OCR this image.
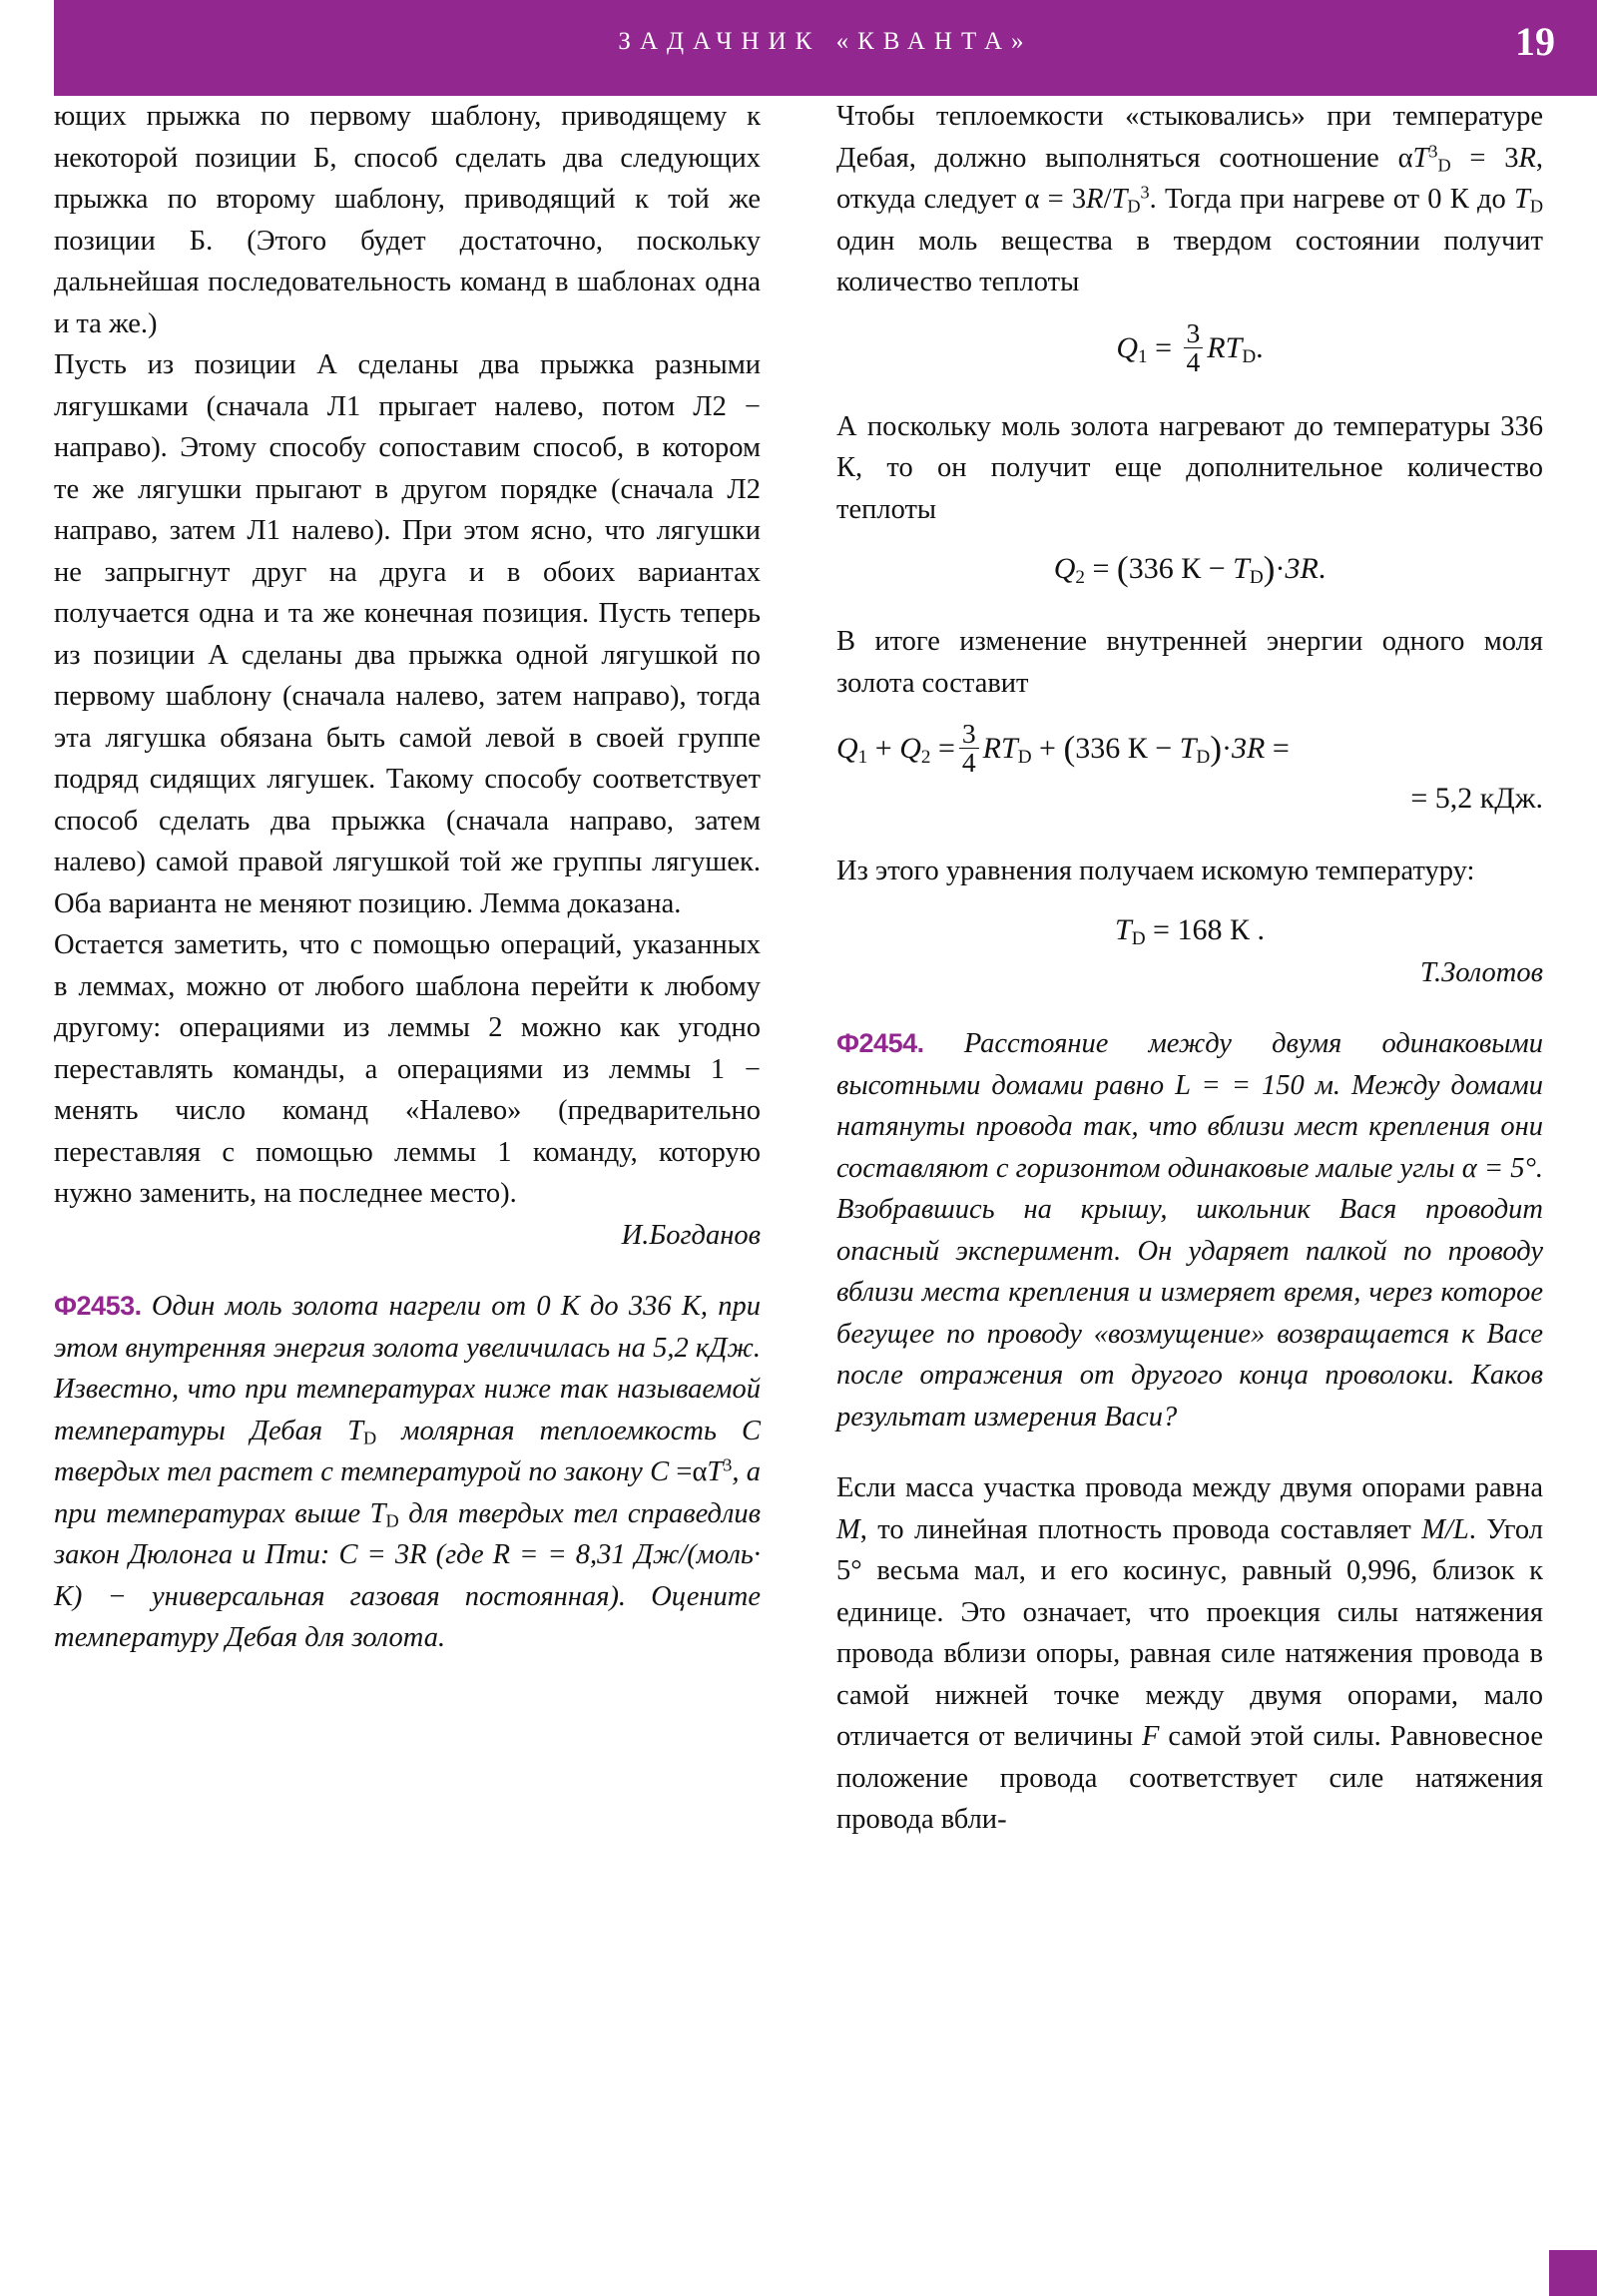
ЗАДАЧНИК «КВАНТА»	19

ющих прыжка по первому шаблону, приводящему к некоторой позиции Б, способ сделать два следующих прыжка по второму шаблону, приводящий к той же позиции Б. (Этого будет достаточно, поскольку дальнейшая последовательность команд в шаблонах одна и та же.)

Пусть из позиции А сделаны два прыжка разными лягушками (сначала Л1 прыгает налево, потом Л2 − направо). Этому способу сопоставим способ, в котором те же лягушки прыгают в другом порядке (сначала Л2 направо, затем Л1 налево). При этом ясно, что лягушки не запрыгнут друг на друга и в обоих вариантах получается одна и та же конечная позиция. Пусть теперь из позиции А сделаны два прыжка одной лягушкой по первому шаблону (сначала налево, затем направо), тогда эта лягушка обязана быть самой левой в своей группе подряд сидящих лягушек. Такому способу соответствует способ сделать два прыжка (сначала направо, затем налево) самой правой лягушкой той же группы лягушек. Оба варианта не меняют позицию. Лемма доказана.

Остается заметить, что с помощью операций, указанных в леммах, можно от любого шаблона перейти к любому другому: операциями из леммы 2 можно как угодно переставлять команды, а операциями из леммы 1 − менять число команд «Налево» (предварительно переставляя с помощью леммы 1 команду, которую нужно заменить, на последнее место).

И.Богданов

Ф2453. Один моль золота нагрели от 0 К до 336 К, при этом внутренняя энергия золота увеличилась на 5,2 кДж. Известно, что при температурах ниже так называемой температуры Дебая $T_D$ молярная теплоемкость C твердых тел растет с температурой по закону $C =\alpha T^3$, а при температурах выше $T_D$ для твердых тел справедлив закон Дюлонга и Пти: C = 3R (где R = = 8,31 Дж/(моль· К) − универсальная газовая постоянная). Оцените температуру Дебая для золота.

Чтобы теплоемкости «стыковались» при температуре Дебая, должно выполняться соотношение $\alpha T^3_D = 3R$, откуда следует $\alpha = 3R/T_D^3$. Тогда при нагреве от 0 К до $T_D$ один моль вещества в твердом состоянии получит количество теплоты

$Q_1 = \frac{3}{4} RT_D$.

А поскольку моль золота нагревают до температуры 336 К, то он получит еще дополнительное количество теплоты

$Q_2 = (336$ $К - T_D)\cdot 3R$.

В итоге изменение внутренней энергии одного моля золота составит

$Q_1 + Q_2 = \frac{3}{4} RT_D + (336$ $К - T_D)\cdot 3R$ =
= 5,2 кДж.

Из этого уравнения получаем искомую температуру:

$T_D = 168$ К .

Т.Золотов

Ф2454. Расстояние между двумя одинаковыми высотными домами равно L = = 150 м. Между домами натянуты провода так, что вблизи мест крепления они составляют с горизонтом одинаковые малые углы α = 5°. Взобравшись на крышу, школьник Вася проводит опасный эксперимент. Он ударяет палкой по проводу вблизи места крепления и измеряет время, через которое бегущее по проводу «возмущение» возвращается к Васе после отражения от другого конца проволоки. Каков результат измерения Васи?

Если масса участка провода между двумя опорами равна M, то линейная плотность провода составляет M/L. Угол 5° весьма мал, и его косинус, равный 0,996, близок к единице. Это означает, что проекция силы натяжения провода вблизи опоры, равная силе натяжения провода в самой нижней точке между двумя опорами, мало отличается от величины F самой этой силы. Равновесное положение провода соответствует силе натяжения провода вбли-
